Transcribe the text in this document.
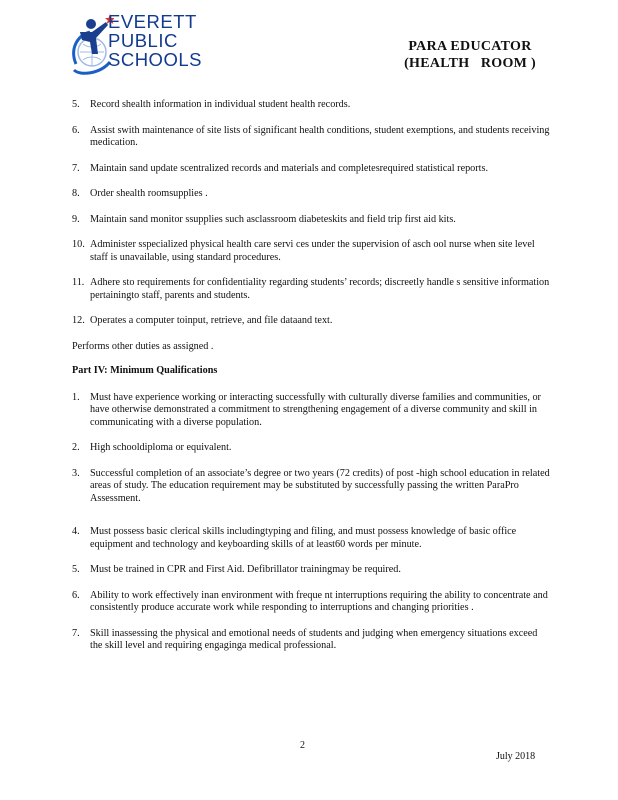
EVERETT
PUBLIC
SCHOOLS
PARA EDUCATOR
(HEALTH   ROOM )
5. Record shealth information in individual student health records.
6. Assist swith maintenance of site lists of significant health conditions, student exemptions, and students receiving medication.
7. Maintain sand update scentralized records and materials and completesrequired statistical reports.
8. Order shealth roomsupplies .
9. Maintain sand monitor ssupplies such asclassroom diabeteskits and field trip first aid kits.
10. Administer sspecialized physical health care servi ces under the supervision of asch ool nurse when site level staff is unavailable, using standard procedures.
11. Adhere sto requirements for confidentiality regarding students’ records; discreetly handle s sensitive information pertainingto staff, parents and students.
12. Operates a computer toinput, retrieve, and file dataand text.
Performs other duties as assigned .
Part IV: Minimum Qualifications
1. Must have experience working or interacting successfully with culturally diverse families and communities, or have otherwise demonstrated a commitment to strengthening engagement of a diverse community and skill in communicating with a diverse population.
2. High schooldiploma or equivalent.
3. Successful completion of an associate’s degree or two years (72 credits) of post -high school education in related areas of study. The education requirement may be substituted by successfully passing the written ParaPro Assessment.
4. Must possess basic clerical skills includingtyping and filing, and must possess knowledge of basic office equipment and technology and keyboarding skills of at least60 words per minute.
5. Must be trained in CPR and First Aid. Defibrillator trainingmay be required.
6. Ability to work effectively inan environment with freque nt interruptions requiring the ability to concentrate and consistently produce accurate work while responding to interruptions and changing priorities .
7. Skill inassessing the physical and emotional needs of students and judging when emergency situations exceed the skill level and requiring engaginga medical professional.
2
July 2018
